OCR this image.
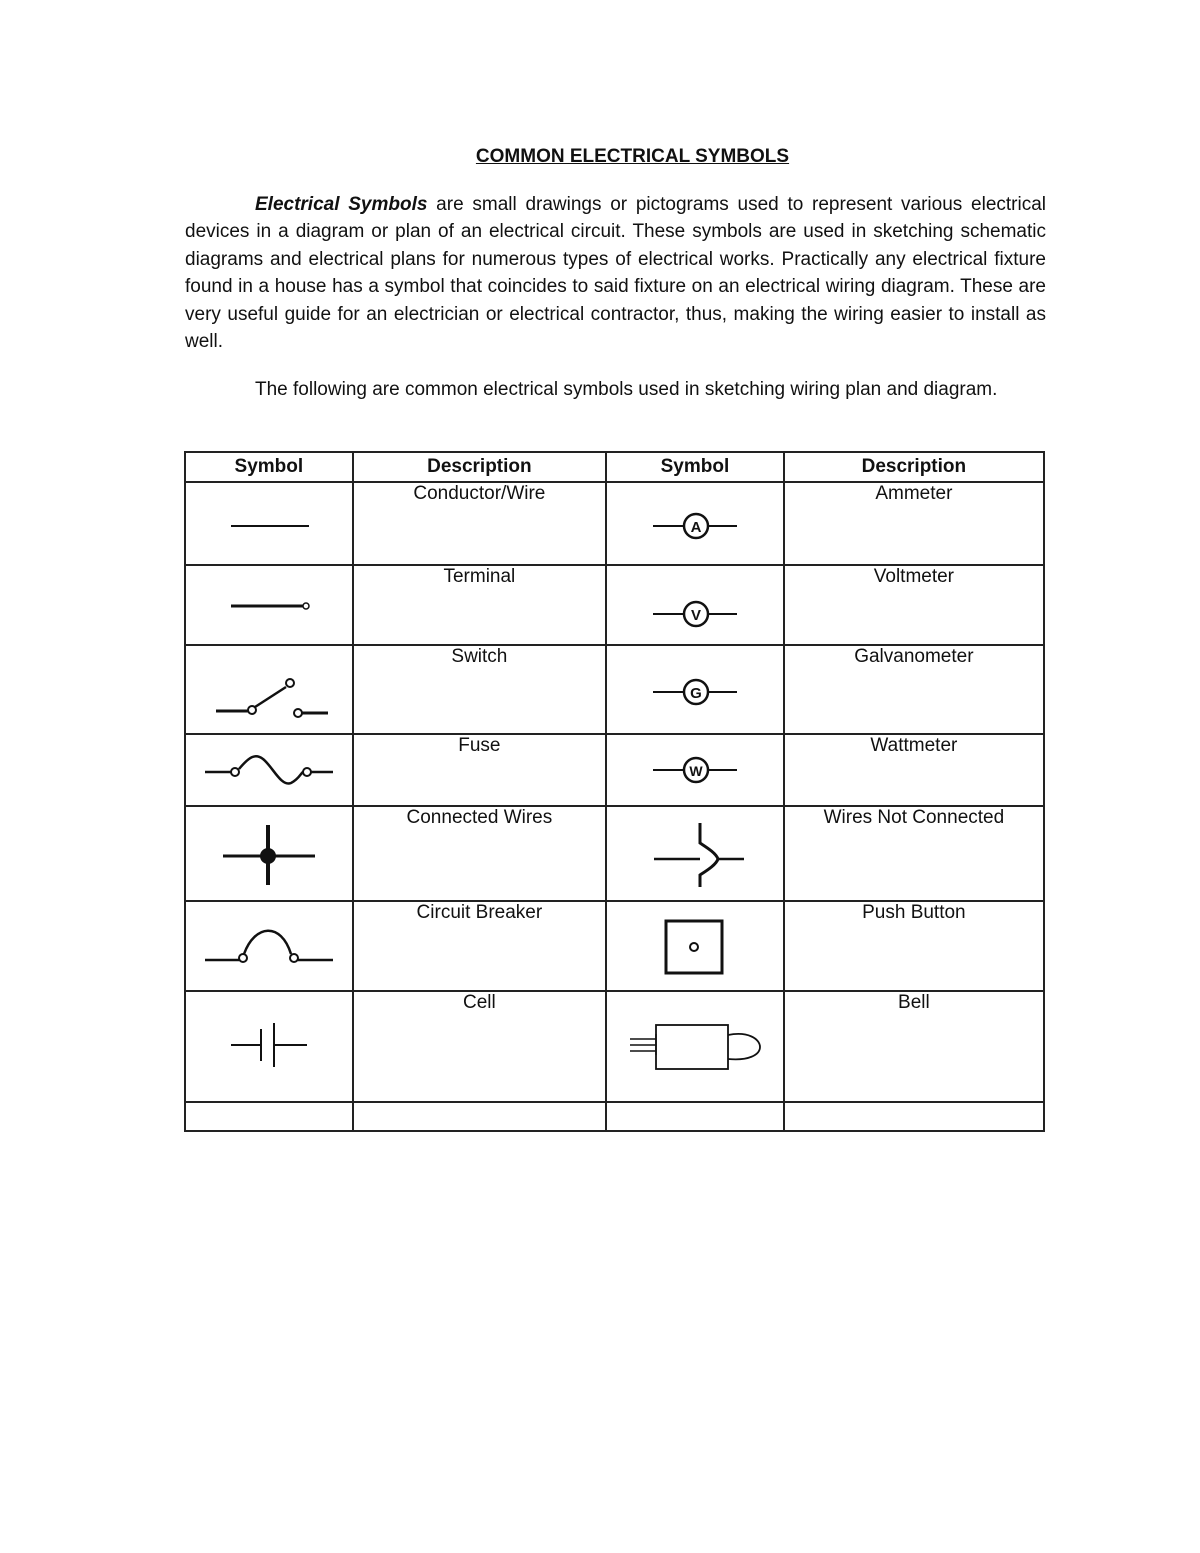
COMMON ELECTRICAL SYMBOLS

Electrical Symbols are small drawings or pictograms used to represent various electrical devices in a diagram or plan of an electrical circuit. These symbols are used in sketching schematic diagrams and electrical plans for numerous types of electrical works. Practically any electrical fixture found in a house has a symbol that coincides to said fixture on an electrical wiring diagram. These are very useful guide for an electrician or electrical contractor, thus, making the wiring easier to install as well.

The following are common electrical symbols used in sketching wiring plan and diagram.

Symbol	Description	Symbol	Description

	Conductor/Wire	A	Ammeter

	Terminal	V	Voltmeter

	Switch	G	Galvanometer

	Fuse	W	Wattmeter

	Connected Wires		Wires Not Connected

	Circuit Breaker		Push Button

	Cell		Bell
